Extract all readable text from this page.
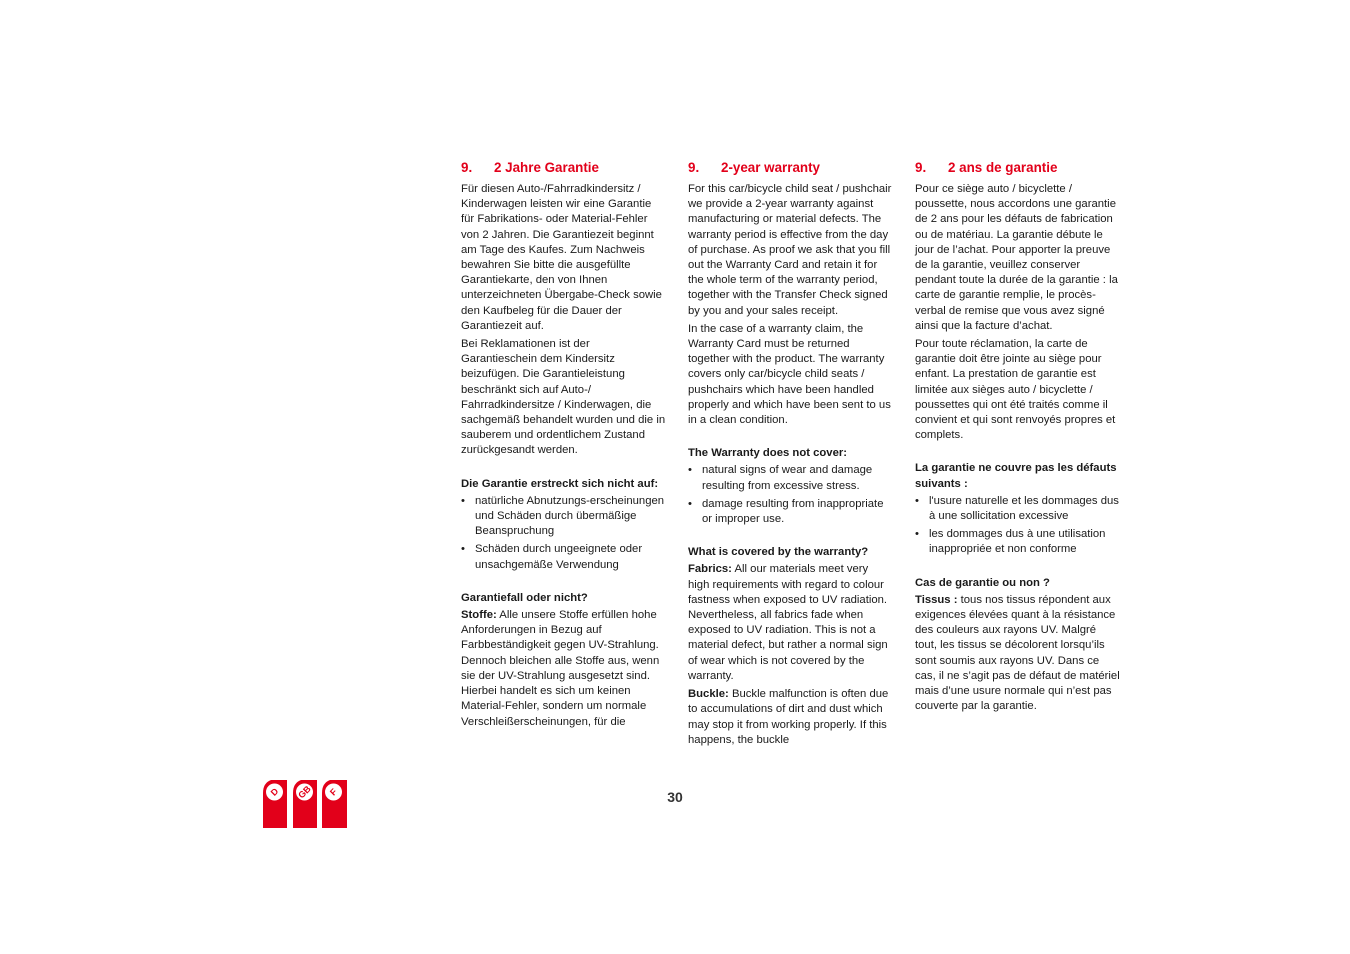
9. 2 Jahre Garantie

Für diesen Auto-/Fahrradkindersitz / Kinderwagen leisten wir eine Garantie für Fabrikations- oder Material-Fehler von 2 Jahren. Die Garantiezeit beginnt am Tage des Kaufes. Zum Nachweis bewahren Sie bitte die ausgefüllte Garantiekarte, den von Ihnen unterzeichneten Übergabe-Check sowie den Kaufbeleg für die Dauer der Garantiezeit auf.

Bei Reklamationen ist der Garantieschein dem Kindersitz beizufügen. Die Garantieleistung beschränkt sich auf Auto-/ Fahrradkindersitze / Kinderwagen, die sachgemäß behandelt wurden und die in sauberem und ordentlichem Zustand zurückgesandt werden.

Die Garantie erstreckt sich nicht auf:
• natürliche Abnutzungs-erscheinungen und Schäden durch übermäßige Beanspruchung
• Schäden durch ungeeignete oder unsachgemäße Verwendung
Garantiefall oder nicht?

Stoffe: Alle unsere Stoffe erfüllen hohe Anforderungen in Bezug auf Farbbeständigkeit gegen UV-Strahlung. Dennoch bleichen alle Stoffe aus, wenn sie der UV-Strahlung ausgesetzt sind. Hierbei handelt es sich um keinen Material-Fehler, sondern um normale Verschleißerscheinungen, für die

9. 2-year warranty

For this car/bicycle child seat / pushchair we provide a 2-year warranty against manufacturing or material defects. The warranty period is effective from the day of purchase. As proof we ask that you fill out the Warranty Card and retain it for the whole term of the warranty period, together with the Transfer Check signed by you and your sales receipt.

In the case of a warranty claim, the Warranty Card must be returned together with the product. The warranty covers only car/bicycle child seats / pushchairs which have been handled properly and which have been sent to us in a clean condition.

The Warranty does not cover:
• natural signs of wear and damage resulting from excessive stress.
• damage resulting from inappropriate or improper use.
What is covered by the warranty?

Fabrics: All our materials meet very high requirements with regard to colour fastness when exposed to UV radiation. Nevertheless, all fabrics fade when exposed to UV radiation. This is not a material defect, but rather a normal sign of wear which is not covered by the warranty.

Buckle: Buckle malfunction is often due to accumulations of dirt and dust which may stop it from working properly. If this happens, the buckle

9. 2 ans de garantie

Pour ce siège auto / bicyclette / poussette, nous accordons une garantie de 2 ans pour les défauts de fabrication ou de matériau. La garantie débute le jour de l’achat. Pour apporter la preuve de la garantie, veuillez conserver pendant toute la durée de la garantie : la carte de garantie remplie, le procès-verbal de remise que vous avez signé ainsi que la facture d’achat.

Pour toute réclamation, la carte de garantie doit être jointe au siège pour enfant. La prestation de garantie est limitée aux sièges auto / bicyclette / poussettes qui ont été traités comme il convient et qui sont renvoyés propres et complets.

La garantie ne couvre pas les défauts suivants :
• l'usure naturelle et les dommages dus à une sollicitation excessive
• les dommages dus à une utilisation inappropriée et non conforme
Cas de garantie ou non ?

Tissus : tous nos tissus répondent aux exigences élevées quant à la résistance des couleurs aux rayons UV. Malgré tout, les tissus se décolorent lorsqu’ils sont soumis aux rayons UV. Dans ce cas, il ne s’agit pas de défaut de matériel mais d’une usure normale qui n’est pas couverte par la garantie.

30
D GB F
